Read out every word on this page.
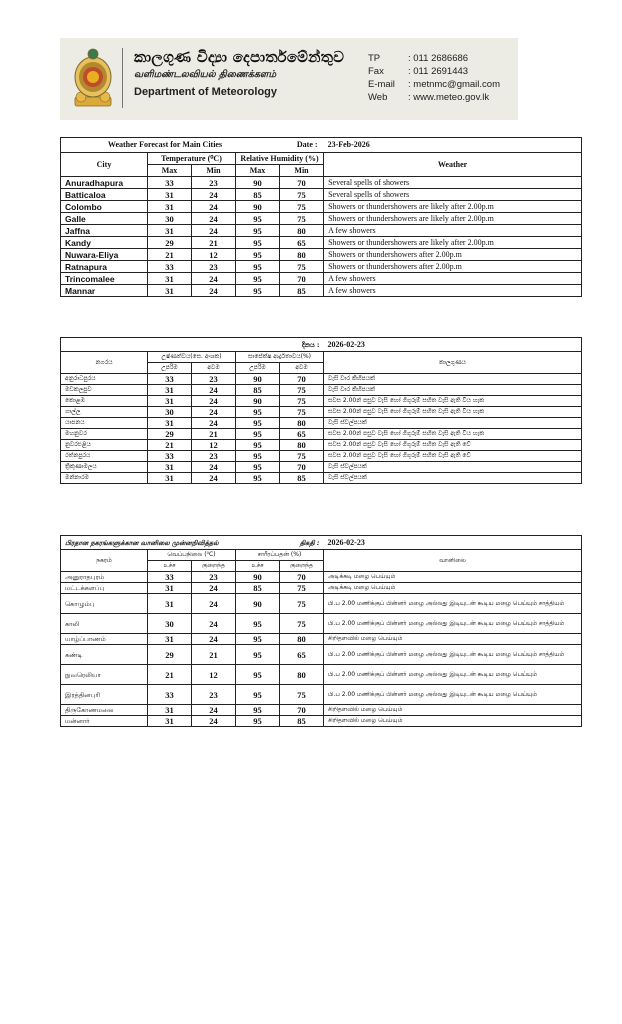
කාලගුණ විද්‍යා දෙපාර්තමේන්තුව
வளிமண்டலவியல் திணைக்களம்
Department of Meteorology
TP	: 011 2686686
Fax	: 011 2691443
E-mail	: metnmc@gmail.com
Web	: www.meteo.gov.lk
Weather Forecast for Main Cities Date :					23-Feb-2026
City	Temperature (⁰C)		Relative Humidity (%)		Weather
	Max	Min	Max	Min	
Anuradhapura	33	23	90	70	Several spells of showers
Batticaloa	31	24	85	75	Several spells of showers
Colombo	31	24	90	75	Showers or thundershowers are likely after 2.00p.m
Galle	30	24	95	75	Showers or thundershowers are likely after 2.00p.m
Jaffna	31	24	95	80	A few showers
Kandy	29	21	95	65	Showers or thundershowers are likely after 2.00p.m
Nuwara-Eliya	21	12	95	80	Showers or thundershowers after 2.00p.m
Ratnapura	33	23	95	75	Showers or thundershowers after 2.00p.m
Trincomalee	31	24	95	70	A few showers
Mannar	31	24	95	85	A few showers
දිනය :					2026-02-23
නගරය	උෂ්ණත්වය(සෙ. අංශක)		සාපේක්ෂ ආර්ද්‍රතාවය(%)		කාලගුණය
	උපරිම	අවම	උපරිම	අවම	
අනුරාධපුරය	33	23	90	70	වැසි වාර කිහිපයක්
මඩකලපුව	31	24	85	75	වැසි වාර කිහිපයක්
කොළඹ	31	24	90	75	සවස 2.00න් පසුව වැසි හෝ ගිගුරුම් සහිත වැසි ඇති වීය හැක
ගාල්ල	30	24	95	75	සවස 2.00න් පසුව වැසි හෝ ගිගුරුම් සහිත වැසි ඇති වීය හැක
යාපනය	31	24	95	80	වැසි ස්වල්පයක්
මහනුවර	29	21	95	65	සවස 2.00න් පසුව වැසි හෝ ගිගුරුම් සහිත වැසි ඇති වීය හැක
නුවරඑළිය	21	12	95	80	සවස 2.00න් පසුව වැසි හෝ ගිගුරුම් සහිත වැසි ඇති වේ
රත්නපුරය	33	23	95	75	සවස 2.00න් පසුව වැසි හෝ ගිගුරුම් සහිත වැසි ඇති වේ
ත්‍රිකුණාමලය	31	24	95	70	වැසි ස්වල්පයක්
මන්නාරම	31	24	95	85	වැසි ස්වල්පයක්
பிரதான நகரங்களுக்கான வானிலை முன்னறிவித்தல் திகதி :					2026-02-23
நகரம்	வெப்பநிலை (⁰C)		சாரீரப்பதன் (%)		வானிலை
	உச்ச	குறைந்த	உச்ச	குறைந்த	
அனுராதபுரம்	33	23	90	70	அடிக்கடி மழை பெய்யும்
மட்டக்களப்பு	31	24	85	75	அடிக்கடி மழை பெய்யும்
கொழும்பு	31	24	90	75	பி.ப 2.00 மணிக்குப் பின்னர் மழை அல்லது இடியுடன் கூடிய மழை பெய்யும் சாத்தியம்
காலி	30	24	95	75	பி.ப 2.00 மணிக்குப் பின்னர் மழை அல்லது இடியுடன் கூடிய மழை பெய்யும் சாத்தியம்
யாழ்ப்பாணம்	31	24	95	80	சிறிதளவில் மழை பெய்யும்
கண்டி	29	21	95	65	பி.ப 2.00 மணிக்குப் பின்னர் மழை அல்லது இடியுடன் கூடிய மழை பெய்யும் சாத்தியம்
நுவரெலியா	21	12	95	80	பி.ப 2.00 மணிக்குப் பின்னர் மழை அல்லது இடியுடன் கூடிய மழை பெய்யும்
இரத்தினபுரி	33	23	95	75	பி.ப 2.00 மணிக்குப் பின்னர் மழை அல்லது இடியுடன் கூடிய மழை பெய்யும்
திருகோணமலை	31	24	95	70	சிறிதளவில் மழை பெய்யும்
மன்னார்	31	24	95	85	சிறிதளவில் மழை பெய்யும்
